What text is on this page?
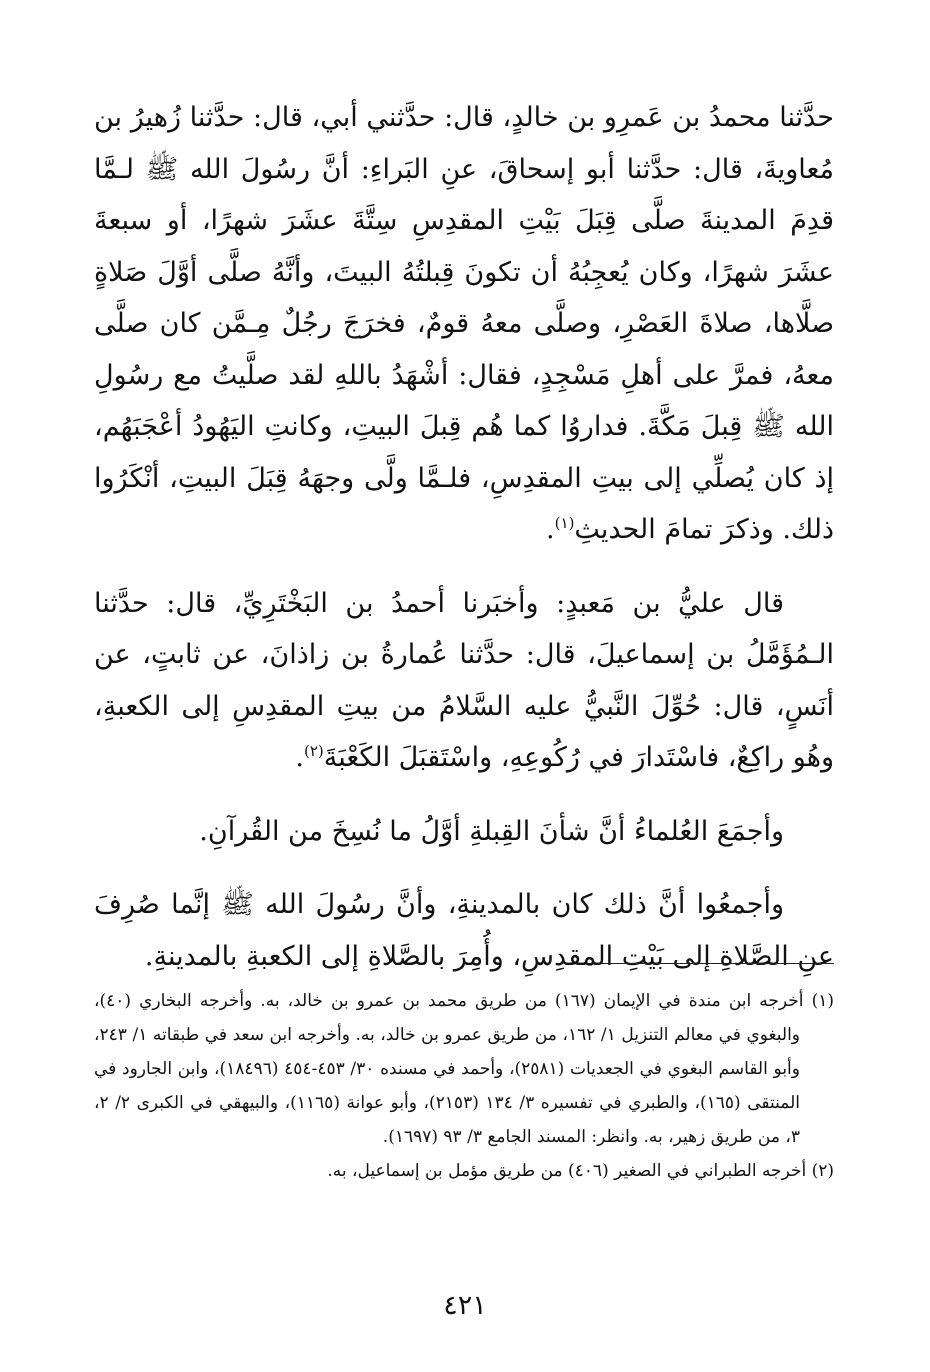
حدَّثنا محمدُ بن عَمرِو بن خالدٍ، قال: حدَّثني أبي، قال: حدَّثنا زُهيرُ بن مُعاويةَ، قال: حدَّثنا أبو إسحاقَ، عنِ البَراءِ: أنَّ رسُولَ الله ﷺ لـمَّا قدِمَ المدينةَ صلَّى قِبَلَ بَيْتِ المقدِسِ سِتَّةَ عشَرَ شهرًا، أو سبعةَ عشَرَ شهرًا، وكان يُعجِبُهُ أن تكونَ قِبلتُهُ البيتَ، وأنَّهُ صلَّى أوَّلَ صَلاةٍ صلَّاها، صلاةَ العَصْرِ، وصلَّى معهُ قومٌ، فخرَجَ رجُلٌ مِـمَّن كان صلَّى معهُ، فمرَّ على أهلِ مَسْجِدٍ، فقال: أشْهَدُ باللهِ لقد صلَّيتُ مع رسُولِ الله ﷺ قِبلَ مَكَّةَ. فداروُا كما هُم قِبلَ البيتِ، وكانتِ اليَهُودُ أعْجَبَهُم، إذ كان يُصلِّي إلى بيتِ المقدِسِ، فلـمَّا ولَّى وجهَهُ قِبَلَ البيتِ، أنْكَرُوا ذلك. وذكرَ تمامَ الحديثِ$^{(١)}$.

قال عليُّ بن مَعبدٍ: وأخبَرنا أحمدُ بن البَخْتَرِيِّ، قال: حدَّثنا الـمُؤَمَّلُ بن إسماعيلَ، قال: حدَّثنا عُمارةُ بن زاذانَ، عن ثابتٍ، عن أنَسٍ، قال: حُوِّلَ النَّبيُّ عليه السَّلامُ من بيتِ المقدِسِ إلى الكعبةِ، وهُو راكِعٌ، فاسْتَدارَ في رُكُوعِهِ، واسْتَقبَلَ الكَعْبَةَ$^{(٢)}$.

وأجمَعَ العُلماءُ أنَّ شأنَ القِبلةِ أوَّلُ ما نُسِخَ من القُرآنِ.

وأجمعُوا أنَّ ذلك كان بالمدينةِ، وأنَّ رسُولَ الله ﷺ إنَّما صُرِفَ عنِ الصَّلاةِ إلى بَيْتِ المقدِسِ، وأُمِرَ بالصَّلاةِ إلى الكعبةِ بالمدينةِ.

(١) أخرجه ابن مندة في الإيمان (١٦٧) من طريق محمد بن عمرو بن خالد، به. وأخرجه البخاري (٤٠)، والبغوي في معالم التنزيل ١/ ١٦٢، من طريق عمرو بن خالد، به. وأخرجه ابن سعد في طبقاته ١/ ٢٤٣، وأبو القاسم البغوي في الجعديات (٢٥٨١)، وأحمد في مسنده ٣٠/ ٤٥٣-٤٥٤ (١٨٤٩٦)، وابن الجارود في المنتقى (١٦٥)، والطبري في تفسيره ٣/ ١٣٤ (٢١٥٣)، وأبو عوانة (١١٦٥)، والبيهقي في الكبرى ٢/ ٢، ٣، من طريق زهير، به. وانظر: المسند الجامع ٣/ ٩٣ (١٦٩٧).

(٢) أخرجه الطبراني في الصغير (٤٠٦) من طريق مؤمل بن إسماعيل، به.

٤٢١
